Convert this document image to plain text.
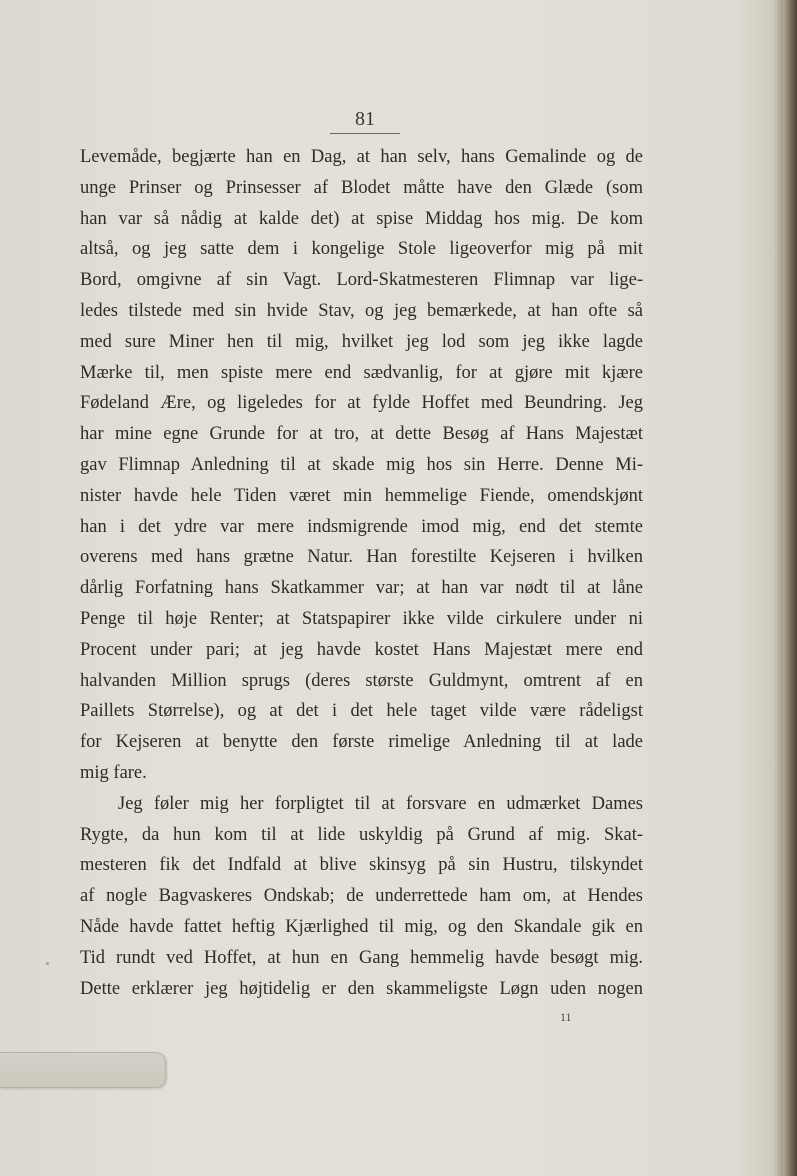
81
Levemåde, begjærte han en Dag, at han selv, hans Gemalinde og de
unge Prinser og Prinsesser af Blodet måtte have den Glæde (som
han var så nådig at kalde det) at spise Middag hos mig. De kom
altså, og jeg satte dem i kongelige Stole ligeoverfor mig på mit
Bord, omgivne af sin Vagt. Lord-Skatmesteren Flimnap var lige-
ledes tilstede med sin hvide Stav, og jeg bemærkede, at han ofte så
med sure Miner hen til mig, hvilket jeg lod som jeg ikke lagde
Mærke til, men spiste mere end sædvanlig, for at gjøre mit kjære
Fødeland Ære, og ligeledes for at fylde Hoffet med Beundring. Jeg
har mine egne Grunde for at tro, at dette Besøg af Hans Majestæt
gav Flimnap Anledning til at skade mig hos sin Herre. Denne Mi-
nister havde hele Tiden været min hemmelige Fiende, omendskjønt
han i det ydre var mere indsmigrende imod mig, end det stemte
overens med hans grætne Natur. Han forestilte Kejseren i hvilken
dårlig Forfatning hans Skatkammer var; at han var nødt til at låne
Penge til høje Renter; at Statspapirer ikke vilde cirkulere under ni
Procent under pari; at jeg havde kostet Hans Majestæt mere end
halvanden Million sprugs (deres største Guldmynt, omtrent af en
Paillets Størrelse), og at det i det hele taget vilde være rådeligst
for Kejseren at benytte den første rimelige Anledning til at lade
mig fare.
Jeg føler mig her forpligtet til at forsvare en udmærket Dames
Rygte, da hun kom til at lide uskyldig på Grund af mig. Skat-
mesteren fik det Indfald at blive skinsyg på sin Hustru, tilskyndet
af nogle Bagvaskeres Ondskab; de underrettede ham om, at Hendes
Nåde havde fattet heftig Kjærlighed til mig, og den Skandale gik en
Tid rundt ved Hoffet, at hun en Gang hemmelig havde besøgt mig.
Dette erklærer jeg højtidelig er den skammeligste Løgn uden nogen
11
